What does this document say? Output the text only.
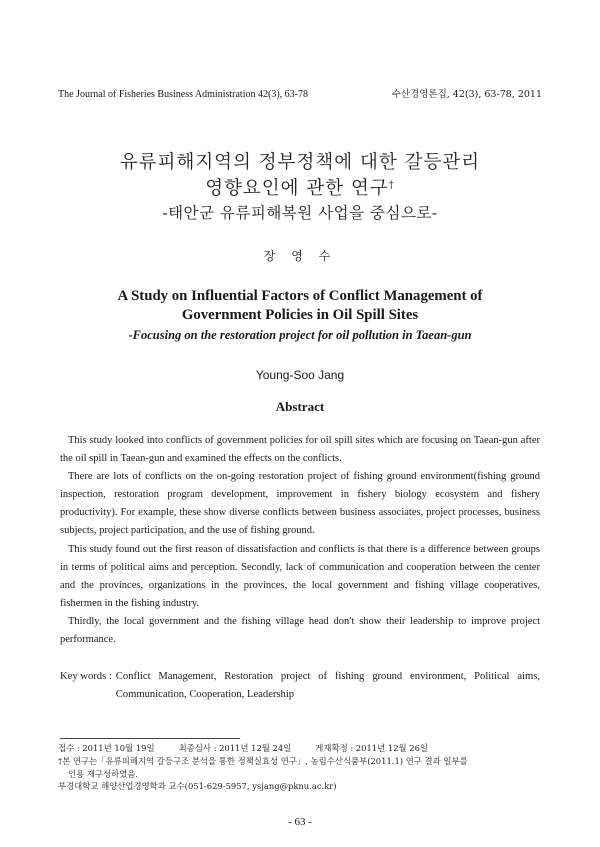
The Journal of Fisheries Business Administration 42(3), 63-78	수산경영론집, 42(3), 63-78, 2011
유류피해지역의 정부정책에 대한 갈등관리
영향요인에 관한 연구†
-태안군 유류피해복원 사업을 중심으로-
장 영 수
A Study on Influential Factors of Conflict Management of
Government Policies in Oil Spill Sites
-Focusing on the restoration project for oil pollution in Taean-gun
Young-Soo Jang
Abstract

This study looked into conflicts of government policies for oil spill sites which are focusing on Taean-gun after the oil spill in Taean-gun and examined the effects on the conflicts.

There are lots of conflicts on the on-going restoration project of fishing ground environment(fishing ground inspection, restoration program development, improvement in fishery biology ecosystem and fishery productivity). For example, these show diverse conflicts between business associates, project processes, business subjects, project participation, and the use of fishing ground.

This study found out the first reason of dissatisfaction and conflicts is that there is a difference between groups in terms of political aims and perception. Secondly, lack of communication and cooperation between the center and the provinces, organizations in the provinces, the local government and fishing village cooperatives, fishermen in the fishing industry.

Thirdly, the local government and the fishing village head don′t show their leadership to improve project performance.

Key words : Conflict Management, Restoration project of fishing ground environment, Political aims, Communication, Cooperation, Leadership
접수 : 2011년 10월 19일	최종심사 : 2011년 12월 24일	게재확정 : 2011년 12월 26일

†본 연구는「유류피해지역 갈등구조 분석을 통한 정책실효성 연구」, 농림수산식품부(2011.1) 연구 결과 일부를

인용 재구성하였음.

부경대학교 해양산업경영학과 교수(051-629-5957, ysjang@pknu.ac.kr)

- 63 -
